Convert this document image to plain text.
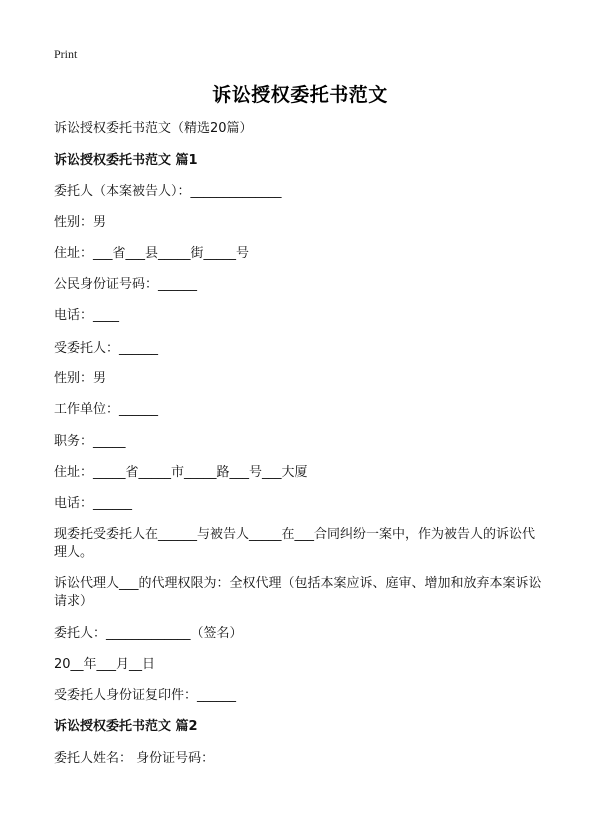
Print
诉讼授权委托书范文
诉讼授权委托书范文（精选20篇）
诉讼授权委托书范文 篇1
委托人（本案被告人）：______________
性别：男
住址：___省___县_____街_____号
公民身份证号码：______
电话：____
受委托人：______
性别：男
工作单位：______
职务：_____
住址：_____省_____市_____路___号___大厦
电话：______
现委托受委托人在______与被告人_____在___合同纠纷一案中，作为被告人的诉讼代理人。
诉讼代理人___的代理权限为：全权代理（包括本案应诉、庭审、增加和放弃本案诉讼请求）
委托人：_____________（签名）
20__年___月__日
受委托人身份证复印件：______
诉讼授权委托书范文 篇2
委托人姓名： 身份证号码：
